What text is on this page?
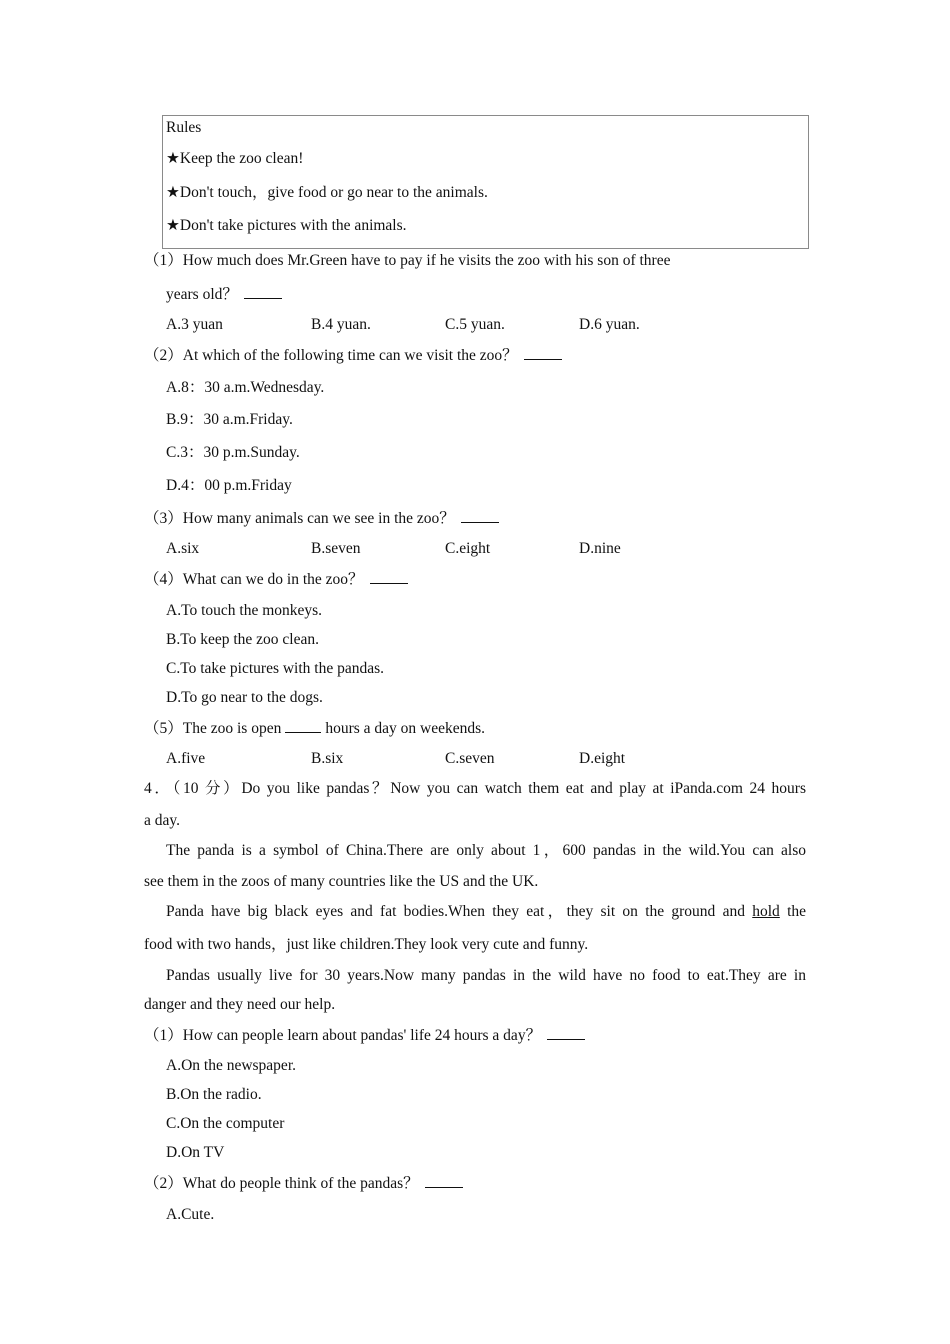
Rules
★Keep the zoo clean!
★Don't touch，give food or go near to the animals.
★Don't take pictures with the animals.
（1）How much does Mr.Green have to pay if he visits the zoo with his son of three
years old？
A.3 yuan	B.4 yuan.	C.5 yuan.	D.6 yuan.
（2）At which of the following time can we visit the zoo？
A.8：30 a.m.Wednesday.
B.9：30 a.m.Friday.
C.3：30 p.m.Sunday.
D.4：00 p.m.Friday
（3）How many animals can we see in the zoo？
A.six	B.seven	C.eight	D.nine
（4）What can we do in the zoo？
A.To touch the monkeys.
B.To keep the zoo clean.
C.To take pictures with the pandas.
D.To go near to the dogs.
（5）The zoo is open	hours a day on weekends.
A.five	B.six	C.seven	D.eight
4．（10 分）Do you like pandas？Now you can watch them eat and play at iPanda.com 24 hours
a day.
The panda is a symbol of China.There are only about 1，600 pandas in the wild.You can also
see them in the zoos of many countries like the US and the UK.
Panda have big black eyes and fat bodies.When they eat，they sit on the ground and hold the
food with two hands，just like children.They look very cute and funny.
Pandas usually live for 30 years.Now many pandas in the wild have no food to eat.They are in
danger and they need our help.
（1）How can people learn about pandas' life 24 hours a day？
A.On the newspaper.
B.On the radio.
C.On the computer
D.On TV
（2）What do people think of the pandas？
A.Cute.
